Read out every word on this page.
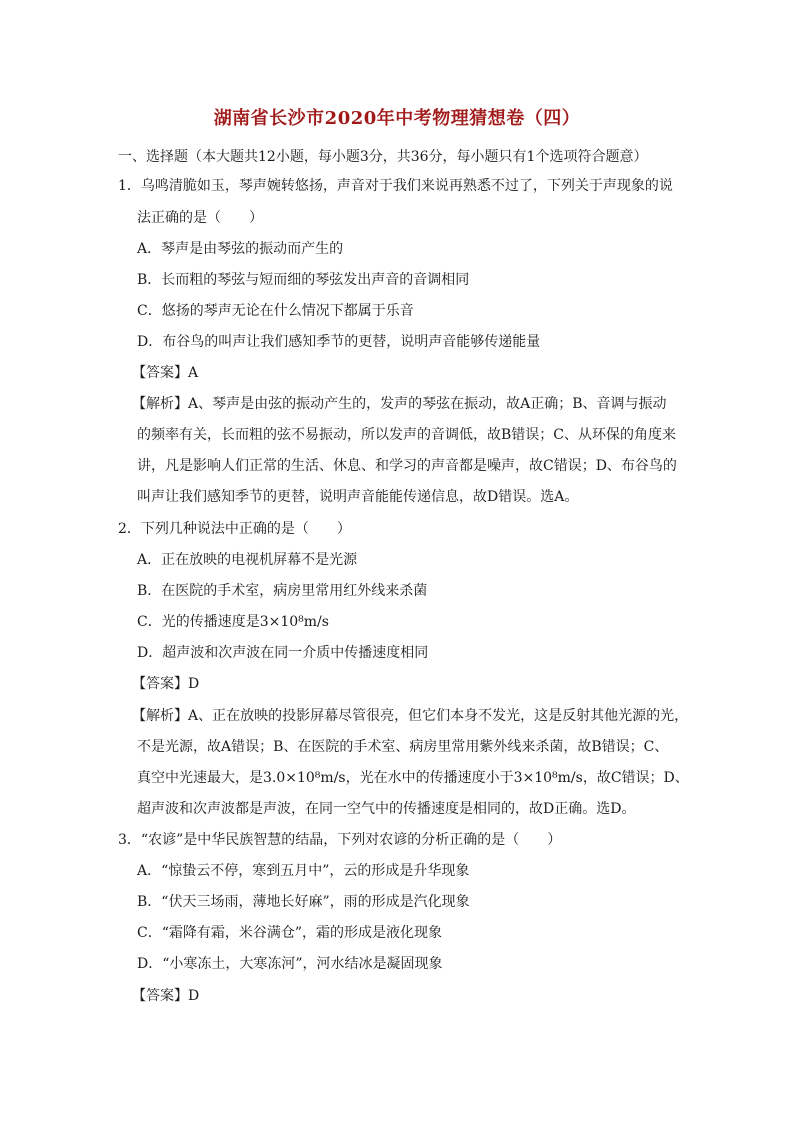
湖南省长沙市2020年中考物理猜想卷（四）
一、选择题（本大题共12小题，每小题3分，共36分，每小题只有1个选项符合题意）
1．乌鸣清脆如玉，琴声婉转悠扬，声音对于我们来说再熟悉不过了，下列关于声现象的说
法正确的是（　　）
A．琴声是由琴弦的振动而产生的
B．长而粗的琴弦与短而细的琴弦发出声音的音调相同
C．悠扬的琴声无论在什么情况下都属于乐音
D．布谷鸟的叫声让我们感知季节的更替，说明声音能够传递能量
【答案】A
【解析】A、琴声是由弦的振动产生的，发声的琴弦在振动，故A正确；B、音调与振动
的频率有关，长而粗的弦不易振动，所以发声的音调低，故B错误；C、从环保的角度来
讲，凡是影响人们正常的生活、休息、和学习的声音都是噪声，故C错误；D、布谷鸟的
叫声让我们感知季节的更替，说明声音能能传递信息，故D错误。选A。
2．下列几种说法中正确的是（　　）
A．正在放映的电视机屏幕不是光源
B．在医院的手术室，病房里常用红外线来杀菌
C．光的传播速度是3×10⁸m/s
D．超声波和次声波在同一介质中传播速度相同
【答案】D
【解析】A、正在放映的投影屏幕尽管很亮，但它们本身不发光，这是反射其他光源的光，
不是光源，故A错误；B、在医院的手术室、病房里常用紫外线来杀菌，故B错误；C、
真空中光速最大，是3.0×10⁸m/s，光在水中的传播速度小于3×10⁸m/s，故C错误；D、
超声波和次声波都是声波，在同一空气中的传播速度是相同的，故D正确。选D。
3．“农谚”是中华民族智慧的结晶，下列对农谚的分析正确的是（　　）
A．“惊蛰云不停，寒到五月中”，云的形成是升华现象
B．“伏天三场雨，薄地长好麻”，雨的形成是汽化现象
C．“霜降有霜，米谷满仓”，霜的形成是液化现象
D．“小寒冻土，大寒冻河”，河水结冰是凝固现象
【答案】D
